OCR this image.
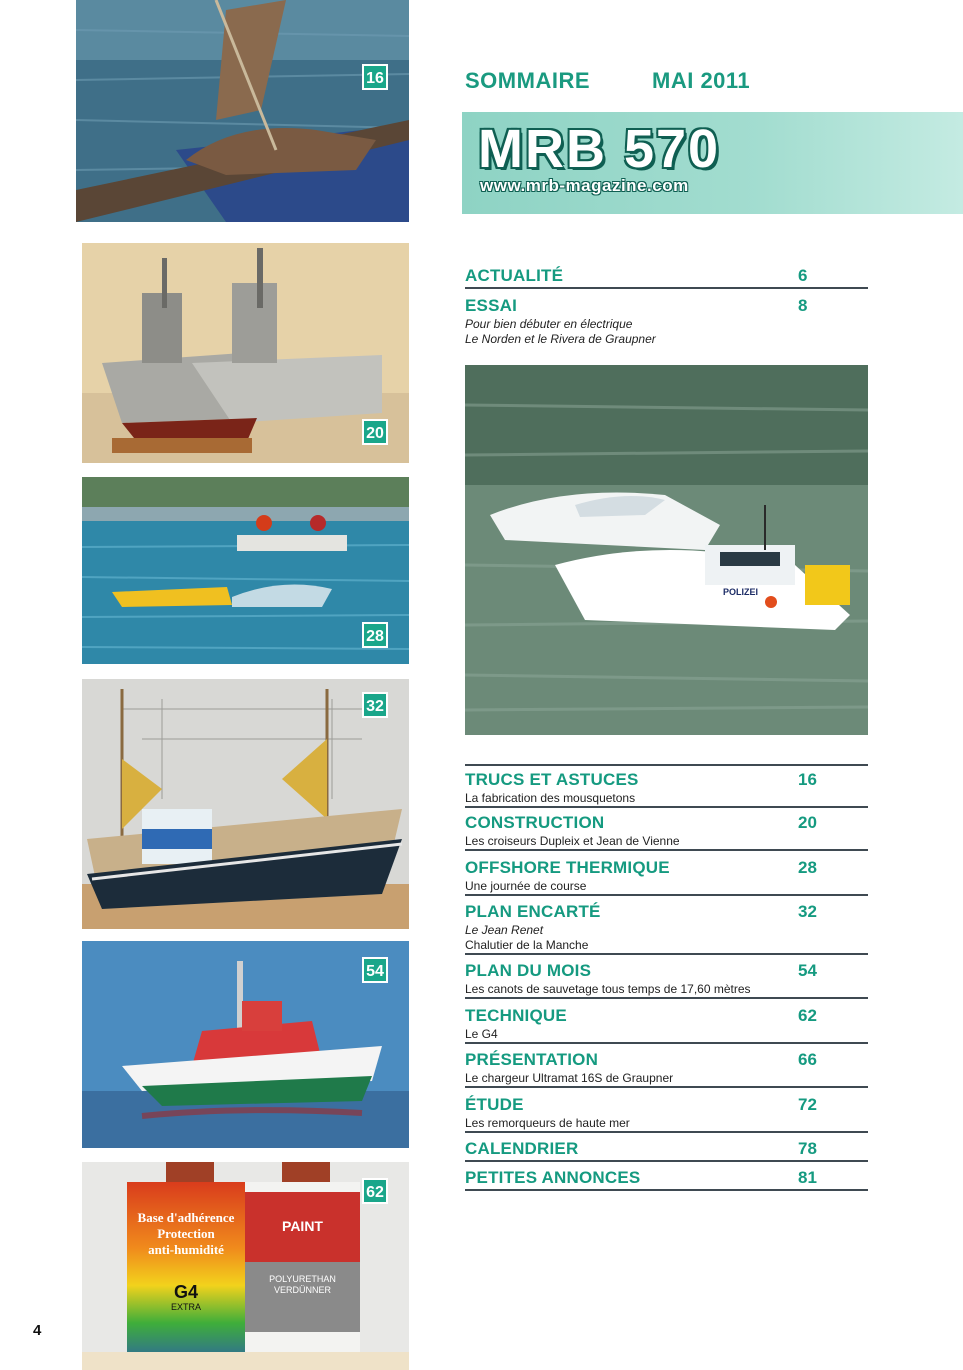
16
20
28
32
54
Base d'adhérence
Protection
anti-humidité
G4
EXTRA
PAINT
POLYURETHAN
VERDÜNNER
62
SOMMAIRE	MAI 2011
MRB 570
www.mrb-magazine.com
ACTUALITÉ	6
ESSAI	8
Pour bien débuter en électrique
Le Norden et le Rivera de Graupner
POLIZEI
TRUCS ET ASTUCES	16
La fabrication des mousquetons
CONSTRUCTION	20
Les croiseurs Dupleix et Jean de Vienne
OFFSHORE THERMIQUE	28
Une journée de course
PLAN ENCARTÉ	32
Le Jean Renet
Chalutier de la Manche
PLAN DU MOIS	54
Les canots de sauvetage tous temps de 17,60 mètres
TECHNIQUE	62
Le G4
PRÉSENTATION	66
Le chargeur Ultramat 16S de Graupner
ÉTUDE	72
Les remorqueurs de haute mer
CALENDRIER	78
PETITES ANNONCES	81
4
